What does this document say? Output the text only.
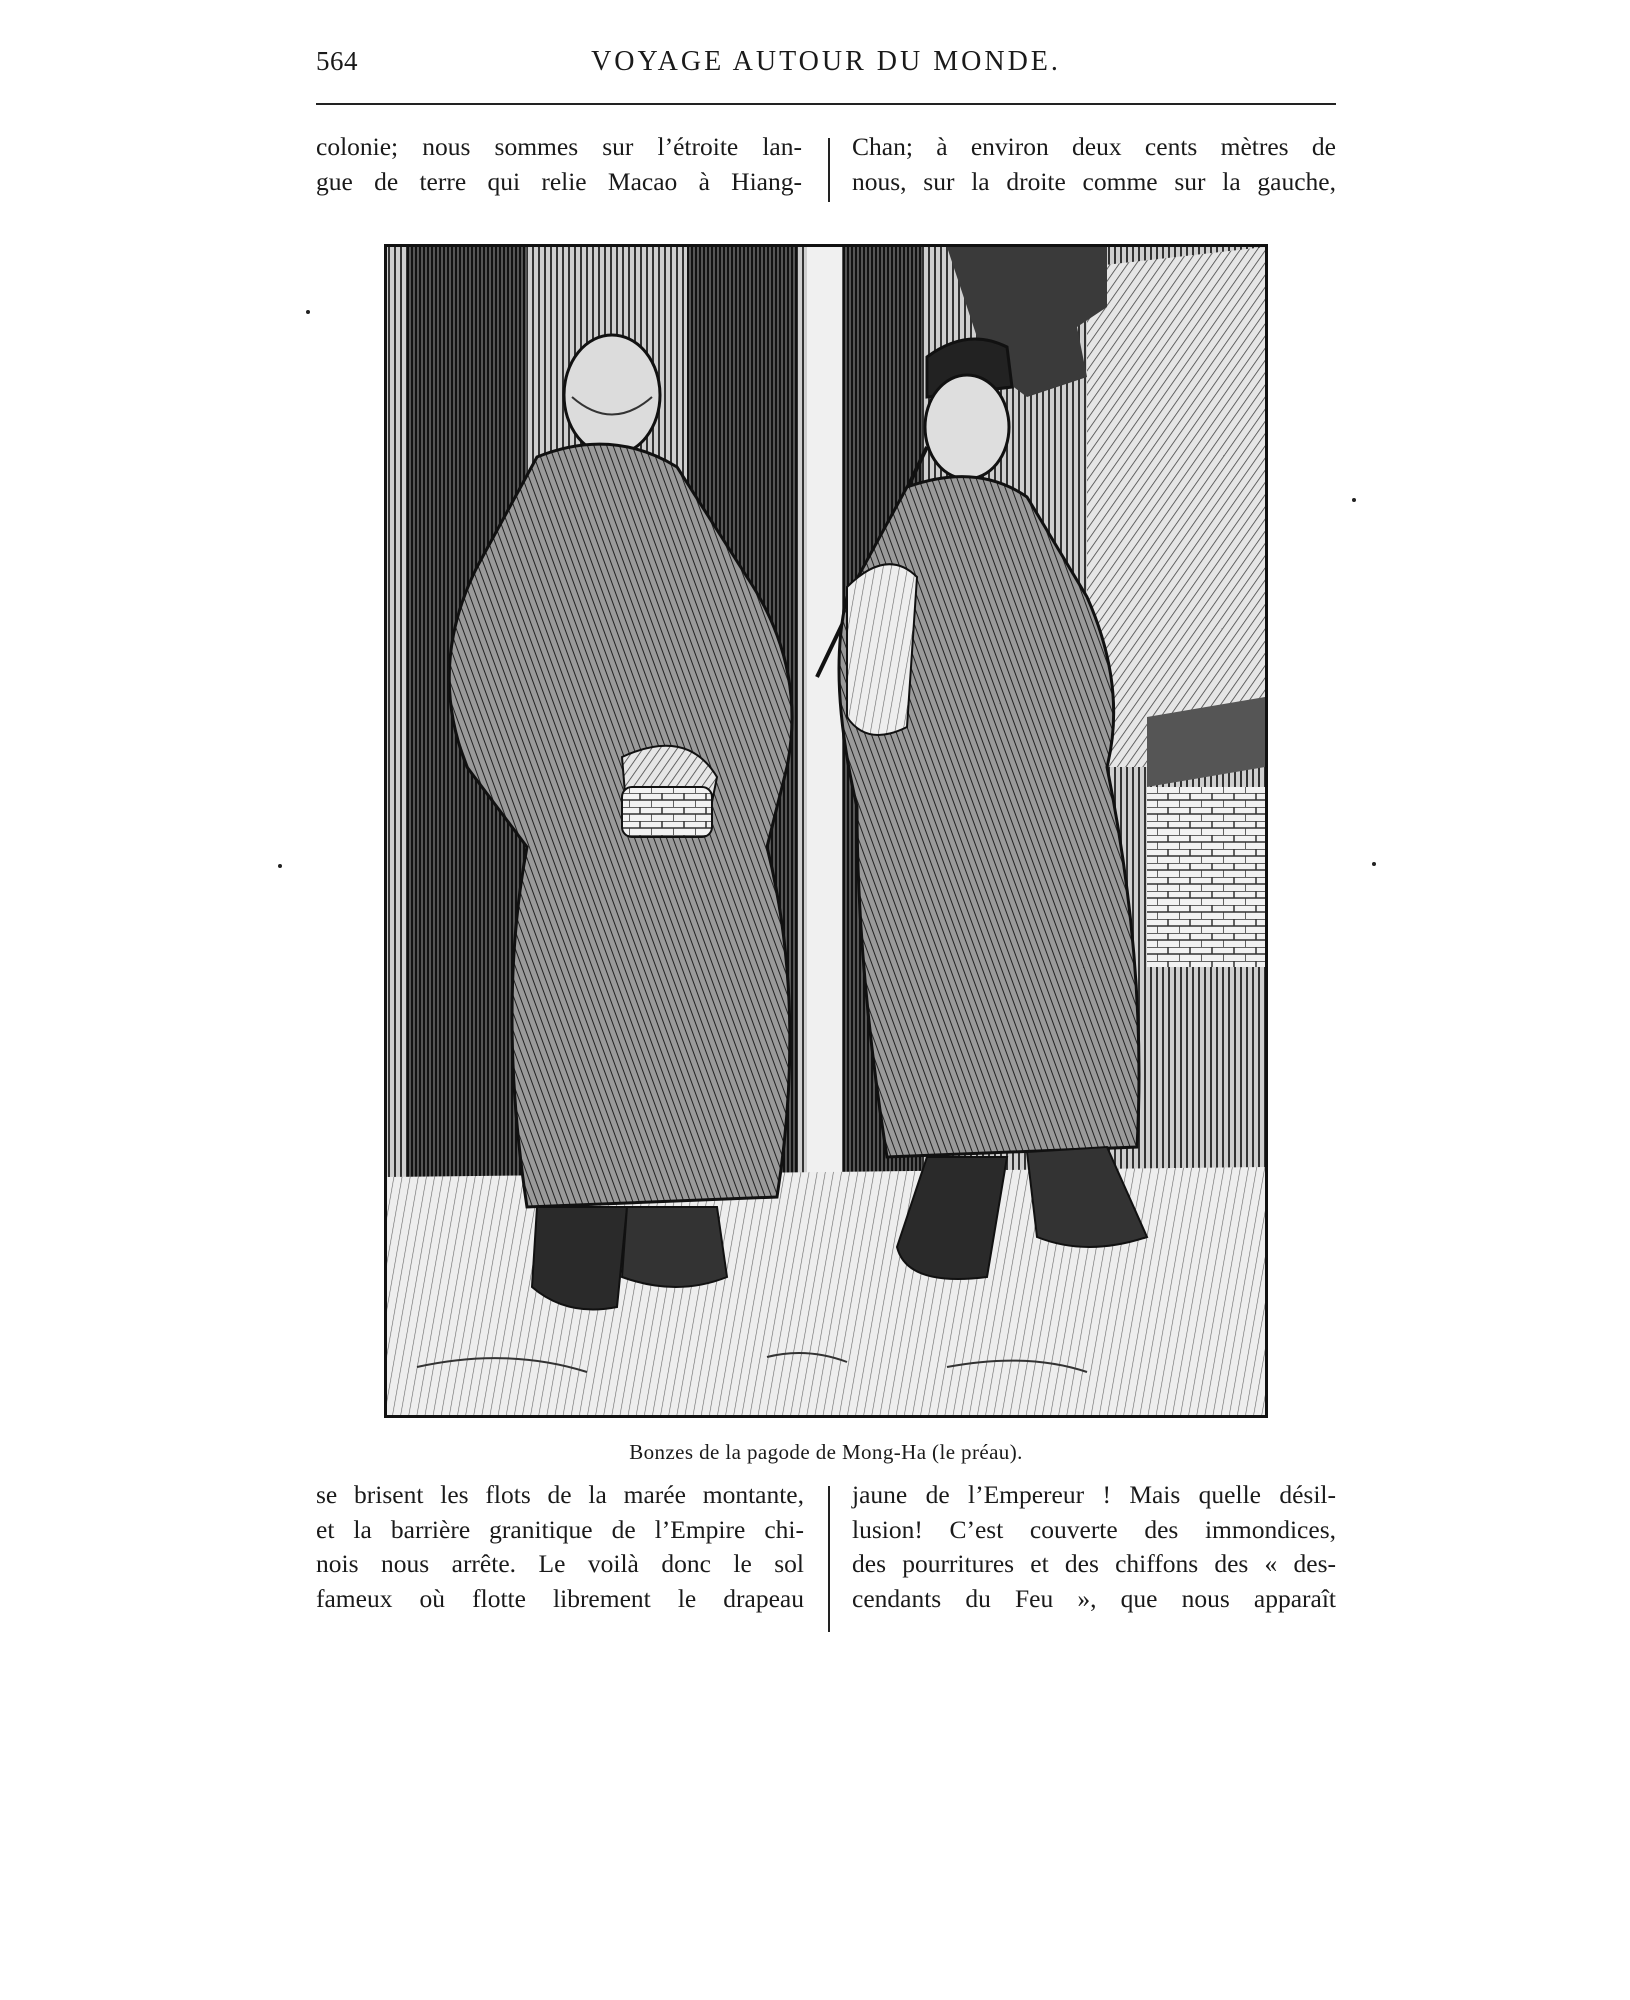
564	VOYAGE AUTOUR DU MONDE.
colonie; nous sommes sur l’étroite lan-
gue de terre qui relie Macao à Hiang-
Chan; à environ deux cents mètres de
nous, sur la droite comme sur la gauche,
Bonzes de la pagode de Mong-Ha (le préau).
se brisent les flots de la marée montante,
et la barrière granitique de l’Empire chi-
nois nous arrête. Le voilà donc le sol
fameux où flotte librement le drapeau
jaune de l’Empereur ! Mais quelle désil-
lusion! C’est couverte des immondices,
des pourritures et des chiffons des « des-
cendants du Feu », que nous apparaît
